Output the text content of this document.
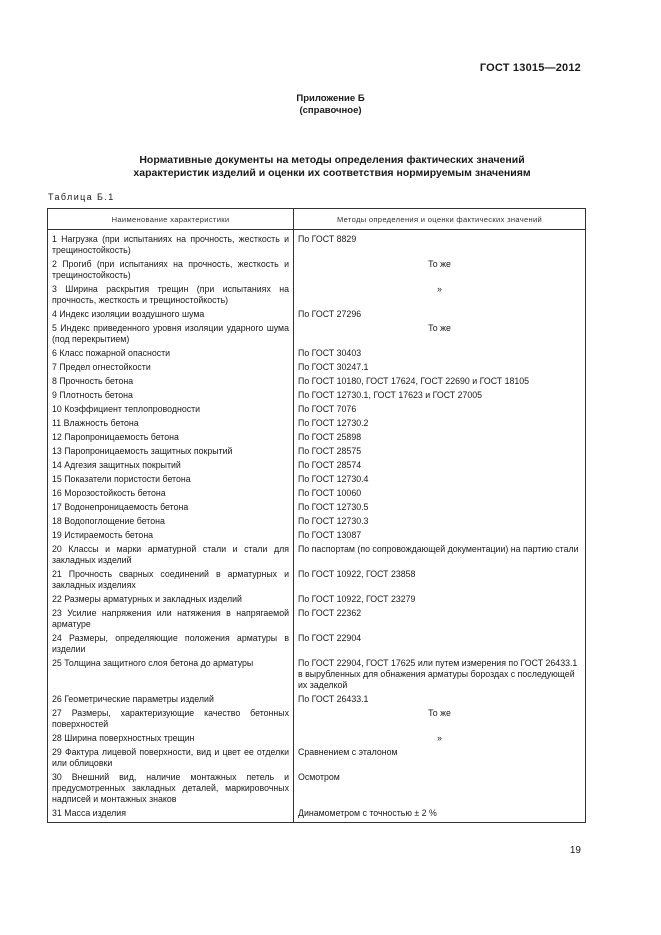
ГОСТ 13015—2012
Приложение Б
(справочное)
Нормативные документы на методы определения фактических значений
характеристик изделий и оценки их соответствия нормируемым значениям
Таблица Б.1
Наименование характеристики	Методы определения и оценки фактических значений
1 Нагрузка (при испытаниях на прочность, жесткость и трещиностойкость)	По ГОСТ 8829
2 Прогиб (при испытаниях на прочность, жесткость и трещиностойкость)	То же
3 Ширина раскрытия трещин (при испытаниях на прочность, жесткость и трещиностойкость)	»
4 Индекс изоляции воздушного шума	По ГОСТ 27296
5 Индекс приведенного уровня изоляции ударного шума (под перекрытием)	То же
6 Класс пожарной опасности	По ГОСТ 30403
7 Предел огнестойкости	По ГОСТ 30247.1
8 Прочность бетона	По ГОСТ 10180, ГОСТ 17624, ГОСТ 22690 и ГОСТ 18105
9 Плотность бетона	По ГОСТ 12730.1, ГОСТ 17623 и ГОСТ 27005
10 Коэффициент теплопроводности	По ГОСТ 7076
11 Влажность бетона	По ГОСТ 12730.2
12 Паропроницаемость бетона	По ГОСТ 25898
13 Паропроницаемость защитных покрытий	По ГОСТ 28575
14 Адгезия защитных покрытий	По ГОСТ 28574
15 Показатели пористости бетона	По ГОСТ 12730.4
16 Морозостойкость бетона	По ГОСТ 10060
17 Водонепроницаемость бетона	По ГОСТ 12730.5
18 Водопоглощение бетона	По ГОСТ 12730.3
19 Истираемость бетона	По ГОСТ 13087
20 Классы и марки арматурной стали и стали для закладных изделий	По паспортам (по сопровождающей документации) на партию стали
21 Прочность сварных соединений в арматурных и закладных изделиях	По ГОСТ 10922, ГОСТ 23858
22 Размеры арматурных и закладных изделий	По ГОСТ 10922, ГОСТ 23279
23 Усилие напряжения или натяжения в напрягаемой арматуре	По ГОСТ 22362
24 Размеры, определяющие положения арматуры в изделии	По ГОСТ 22904
25 Толщина защитного слоя бетона до арматуры	По ГОСТ 22904, ГОСТ 17625 или путем измерения по ГОСТ 26433.1 в вырубленных для обнажения арматуры бороздах с последующей их заделкой
26 Геометрические параметры изделий	По ГОСТ 26433.1
27 Размеры, характеризующие качество бетонных поверхностей	То же
28 Ширина поверхностных трещин	»
29 Фактура лицевой поверхности, вид и цвет ее отделки или облицовки	Сравнением с эталоном
30 Внешний вид, наличие монтажных петель и предусмотренных закладных деталей, маркировочных надписей и монтажных знаков	Осмотром
31 Масса изделия	Динамометром с точностью ± 2 %
19
